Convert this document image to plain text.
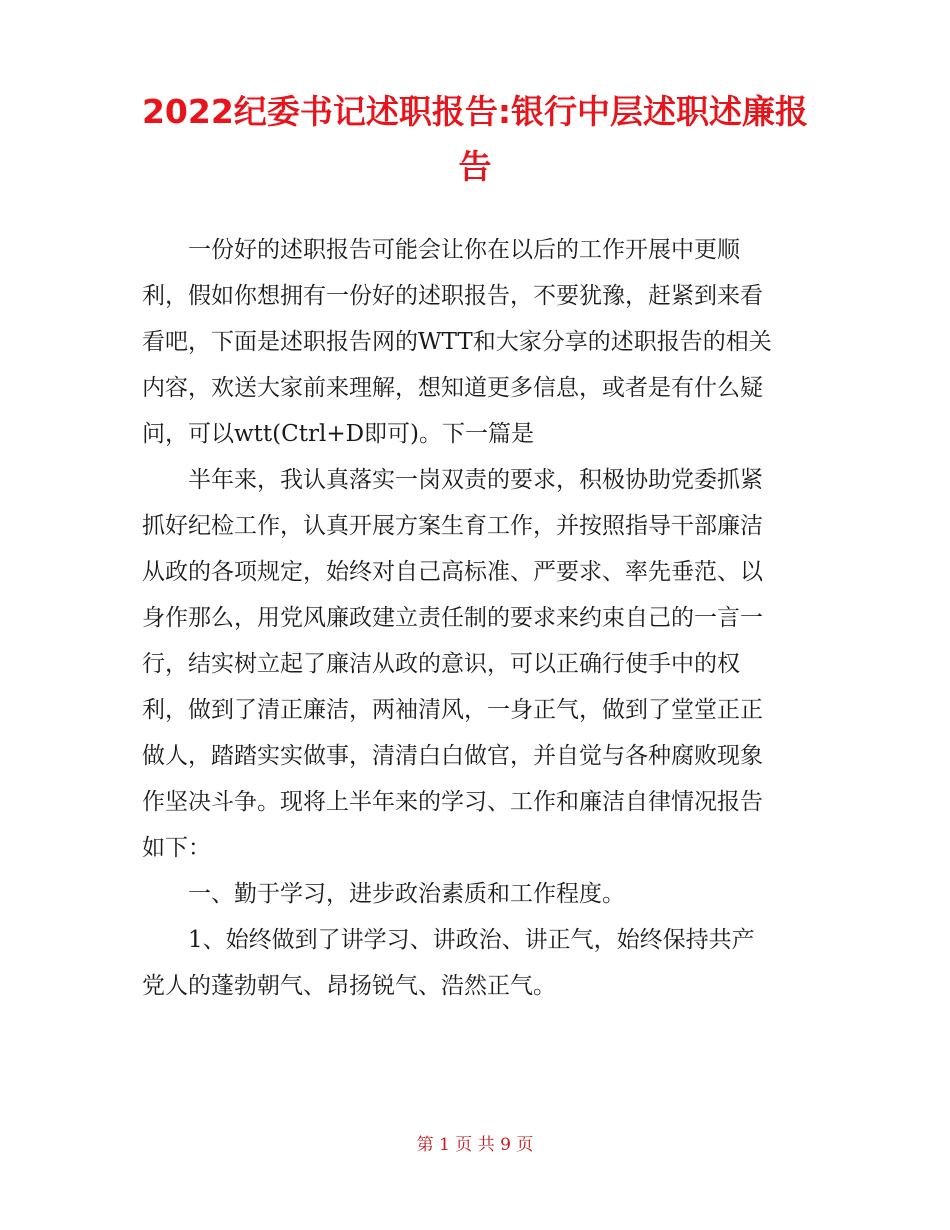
2022纪委书记述职报告:银行中层述职述廉报
告

　　一份好的述职报告可能会让你在以后的工作开展中更顺

利，假如你想拥有一份好的述职报告，不要犹豫，赶紧到来看

看吧，下面是述职报告网的WTT和大家分享的述职报告的相关

内容，欢送大家前来理解，想知道更多信息，或者是有什么疑

问，可以wtt(Ctrl+D即可)。下一篇是

　　半年来，我认真落实一岗双责的要求，积极协助党委抓紧

抓好纪检工作，认真开展方案生育工作，并按照指导干部廉洁

从政的各项规定，始终对自己高标准、严要求、率先垂范、以

身作那么，用党风廉政建立责任制的要求来约束自己的一言一

行，结实树立起了廉洁从政的意识，可以正确行使手中的权

利，做到了清正廉洁，两袖清风，一身正气，做到了堂堂正正

做人，踏踏实实做事，清清白白做官，并自觉与各种腐败现象

作坚决斗争。现将上半年来的学习、工作和廉洁自律情况报告

如下：

　　一、勤于学习，进步政治素质和工作程度。

　　1、始终做到了讲学习、讲政治、讲正气，始终保持共产

党人的蓬勃朝气、昂扬锐气、浩然正气。

第 1 页 共 9 页
